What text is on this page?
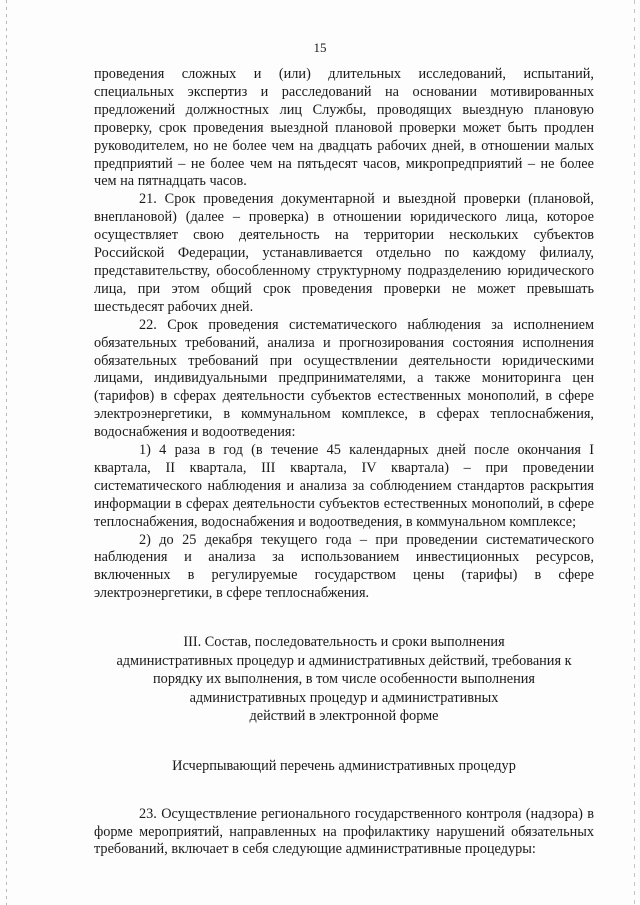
15

проведения сложных и (или) длительных исследований, испытаний, специальных экспертиз и расследований на основании мотивированных предложений должностных лиц Службы, проводящих выездную плановую проверку, срок проведения выездной плановой проверки может быть продлен руководителем, но не более чем на двадцать рабочих дней, в отношении малых предприятий – не более чем на пятьдесят часов, микропредприятий – не более чем на пятнадцать часов.

21. Срок проведения документарной и выездной проверки (плановой, внеплановой) (далее – проверка) в отношении юридического лица, которое осуществляет свою деятельность на территории нескольких субъектов Российской Федерации, устанавливается отдельно по каждому филиалу, представительству, обособленному структурному подразделению юридического лица, при этом общий срок проведения проверки не может превышать шестьдесят рабочих дней.

22. Срок проведения систематического наблюдения за исполнением обязательных требований, анализа и прогнозирования состояния исполнения обязательных требований при осуществлении деятельности юридическими лицами, индивидуальными предпринимателями, а также мониторинга цен (тарифов) в сферах деятельности субъектов естественных монополий, в сфере электроэнергетики, в коммунальном комплексе, в сферах теплоснабжения, водоснабжения и водоотведения:

1) 4 раза в год (в течение 45 календарных дней после окончания I квартала, II квартала, III квартала, IV квартала) – при проведении систематического наблюдения и анализа за соблюдением стандартов раскрытия информации в сферах деятельности субъектов естественных монополий, в сфере теплоснабжения, водоснабжения и водоотведения, в коммунальном комплексе;

2) до 25 декабря текущего года – при проведении систематического наблюдения и анализа за использованием инвестиционных ресурсов, включенных в регулируемые государством цены (тарифы) в сфере электроэнергетики, в сфере теплоснабжения.

III. Состав, последовательность и сроки выполнения

административных процедур и административных действий, требования к

порядку их выполнения, в том числе особенности выполнения

административных процедур и административных

действий в электронной форме

Исчерпывающий перечень административных процедур

23. Осуществление регионального государственного контроля (надзора) в форме мероприятий, направленных на профилактику нарушений обязательных требований, включает в себя следующие административные процедуры:
